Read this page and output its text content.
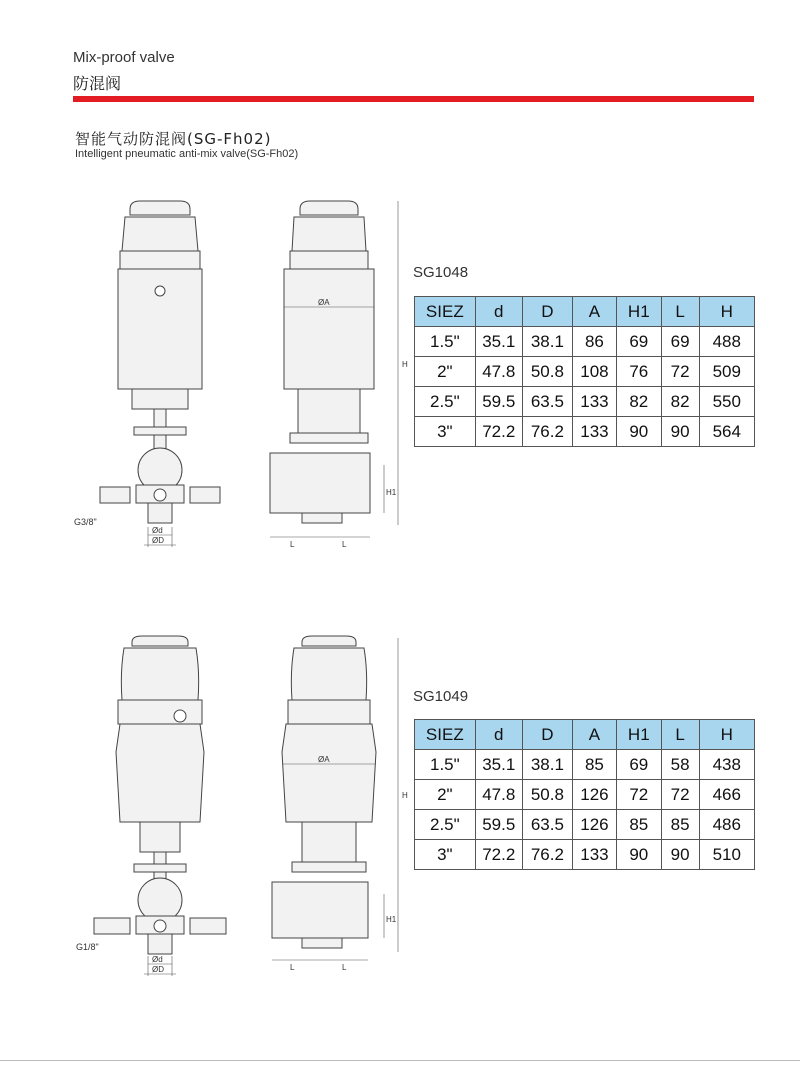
Mix-proof valve
防混阀
智能气动防混阀(SG-Fh02)
Intelligent pneumatic anti-mix valve(SG-Fh02)
Ød
ØD
G3/8"
ØA
H
H1
L	L
SG1048
SIEZ	d	D	A	H1	L	H
1.5"	35.1	38.1	86	69	69	488
2"	47.8	50.8	108	76	72	509
2.5"	59.5	63.5	133	82	82	550
3"	72.2	76.2	133	90	90	564
Ød
ØD
G1/8"
ØA
H
H1
L	L
SG1049
SIEZ	d	D	A	H1	L	H
1.5"	35.1	38.1	85	69	58	438
2"	47.8	50.8	126	72	72	466
2.5"	59.5	63.5	126	85	85	486
3"	72.2	76.2	133	90	90	510
